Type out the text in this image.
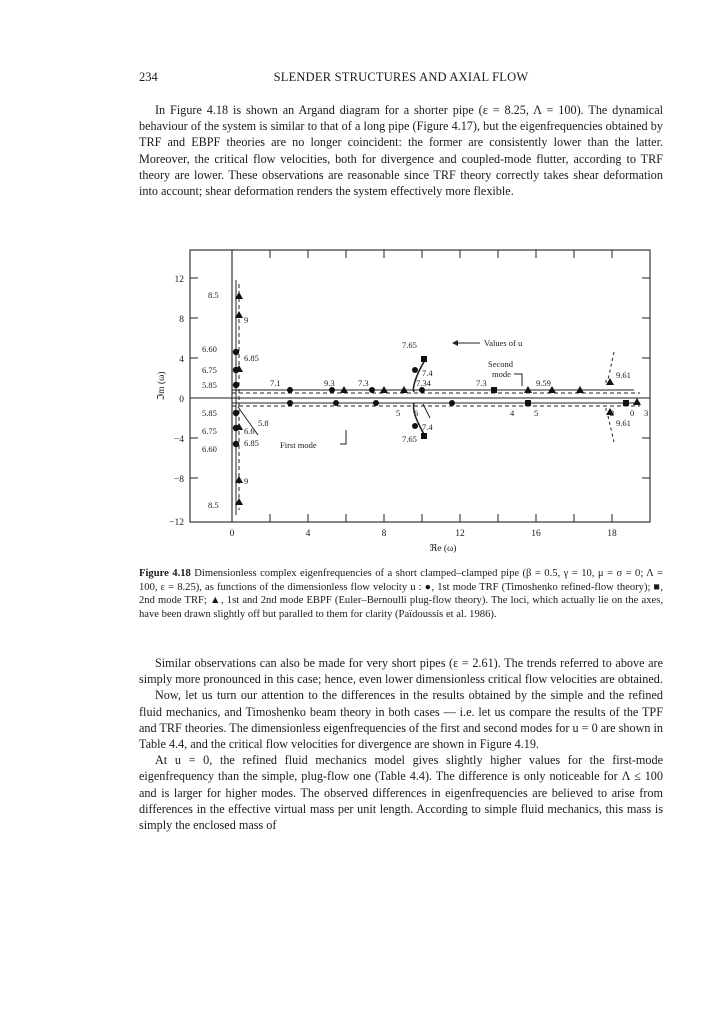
234	SLENDER STRUCTURES AND AXIAL FLOW
In Figure 4.18 is shown an Argand diagram for a shorter pipe (ε = 8.25, Λ = 100). The dynamical behaviour of the system is similar to that of a long pipe (Figure 4.17), but the eigenfrequencies obtained by TRF and EBPF theories are no longer coincident: the former are consistently lower than the latter. Moreover, the critical flow velocities, both for divergence and coupled-mode flutter, according to TRF theory are lower. These observations are reasonable since TRF theory correctly takes shear deformation into account; shear deformation renders the system effectively more flexible.
12
8
4
0
−4
−8
−12
0	4	8	12	16	18
ℑm (ω)
ℜe (ω)
Values of u
Second
mode
First mode
8.5
9
6.60
6.85
6.75
5.85	7.1	9.3	7.3
7.65
7.4
7.34	7.3	9.59
9.61
5.85
5.8
6.75	6.6
6.85
6.60
5 6
7.4
7.65
4 5	2 0 3
9.61
9
8.5
Figure 4.18 Dimensionless complex eigenfrequencies of a short clamped–clamped pipe (β = 0.5, γ = 10, μ = σ = 0; Λ = 100, ε = 8.25), as functions of the dimensionless flow velocity u : ●, 1st mode TRF (Timoshenko refined-flow theory); ■, 2nd mode TRF; ▲, 1st and 2nd mode EBPF (Euler–Bernoulli plug-flow theory). The loci, which actually lie on the axes, have been drawn slightly off but paralled to them for clarity (Païdoussis et al. 1986).

Similar observations can also be made for very short pipes (ε = 2.61). The trends referred to above are simply more pronounced in this case; hence, even lower dimensionless critical flow velocities are obtained.

Now, let us turn our attention to the differences in the results obtained by the simple and the refined fluid mechanics, and Timoshenko beam theory in both cases — i.e. let us compare the results of the TPF and TRF theories. The dimensionless eigenfrequencies of the first and second modes for u = 0 are shown in Table 4.4, and the critical flow velocities for divergence are shown in Figure 4.19.

At u = 0, the refined fluid mechanics model gives slightly higher values for the first-mode eigenfrequency than the simple, plug-flow one (Table 4.4). The difference is only noticeable for Λ ≤ 100 and is larger for higher modes. The observed differences in eigenfrequencies are believed to arise from differences in the effective virtual mass per unit length. According to simple fluid mechanics, this mass is simply the enclosed mass of
